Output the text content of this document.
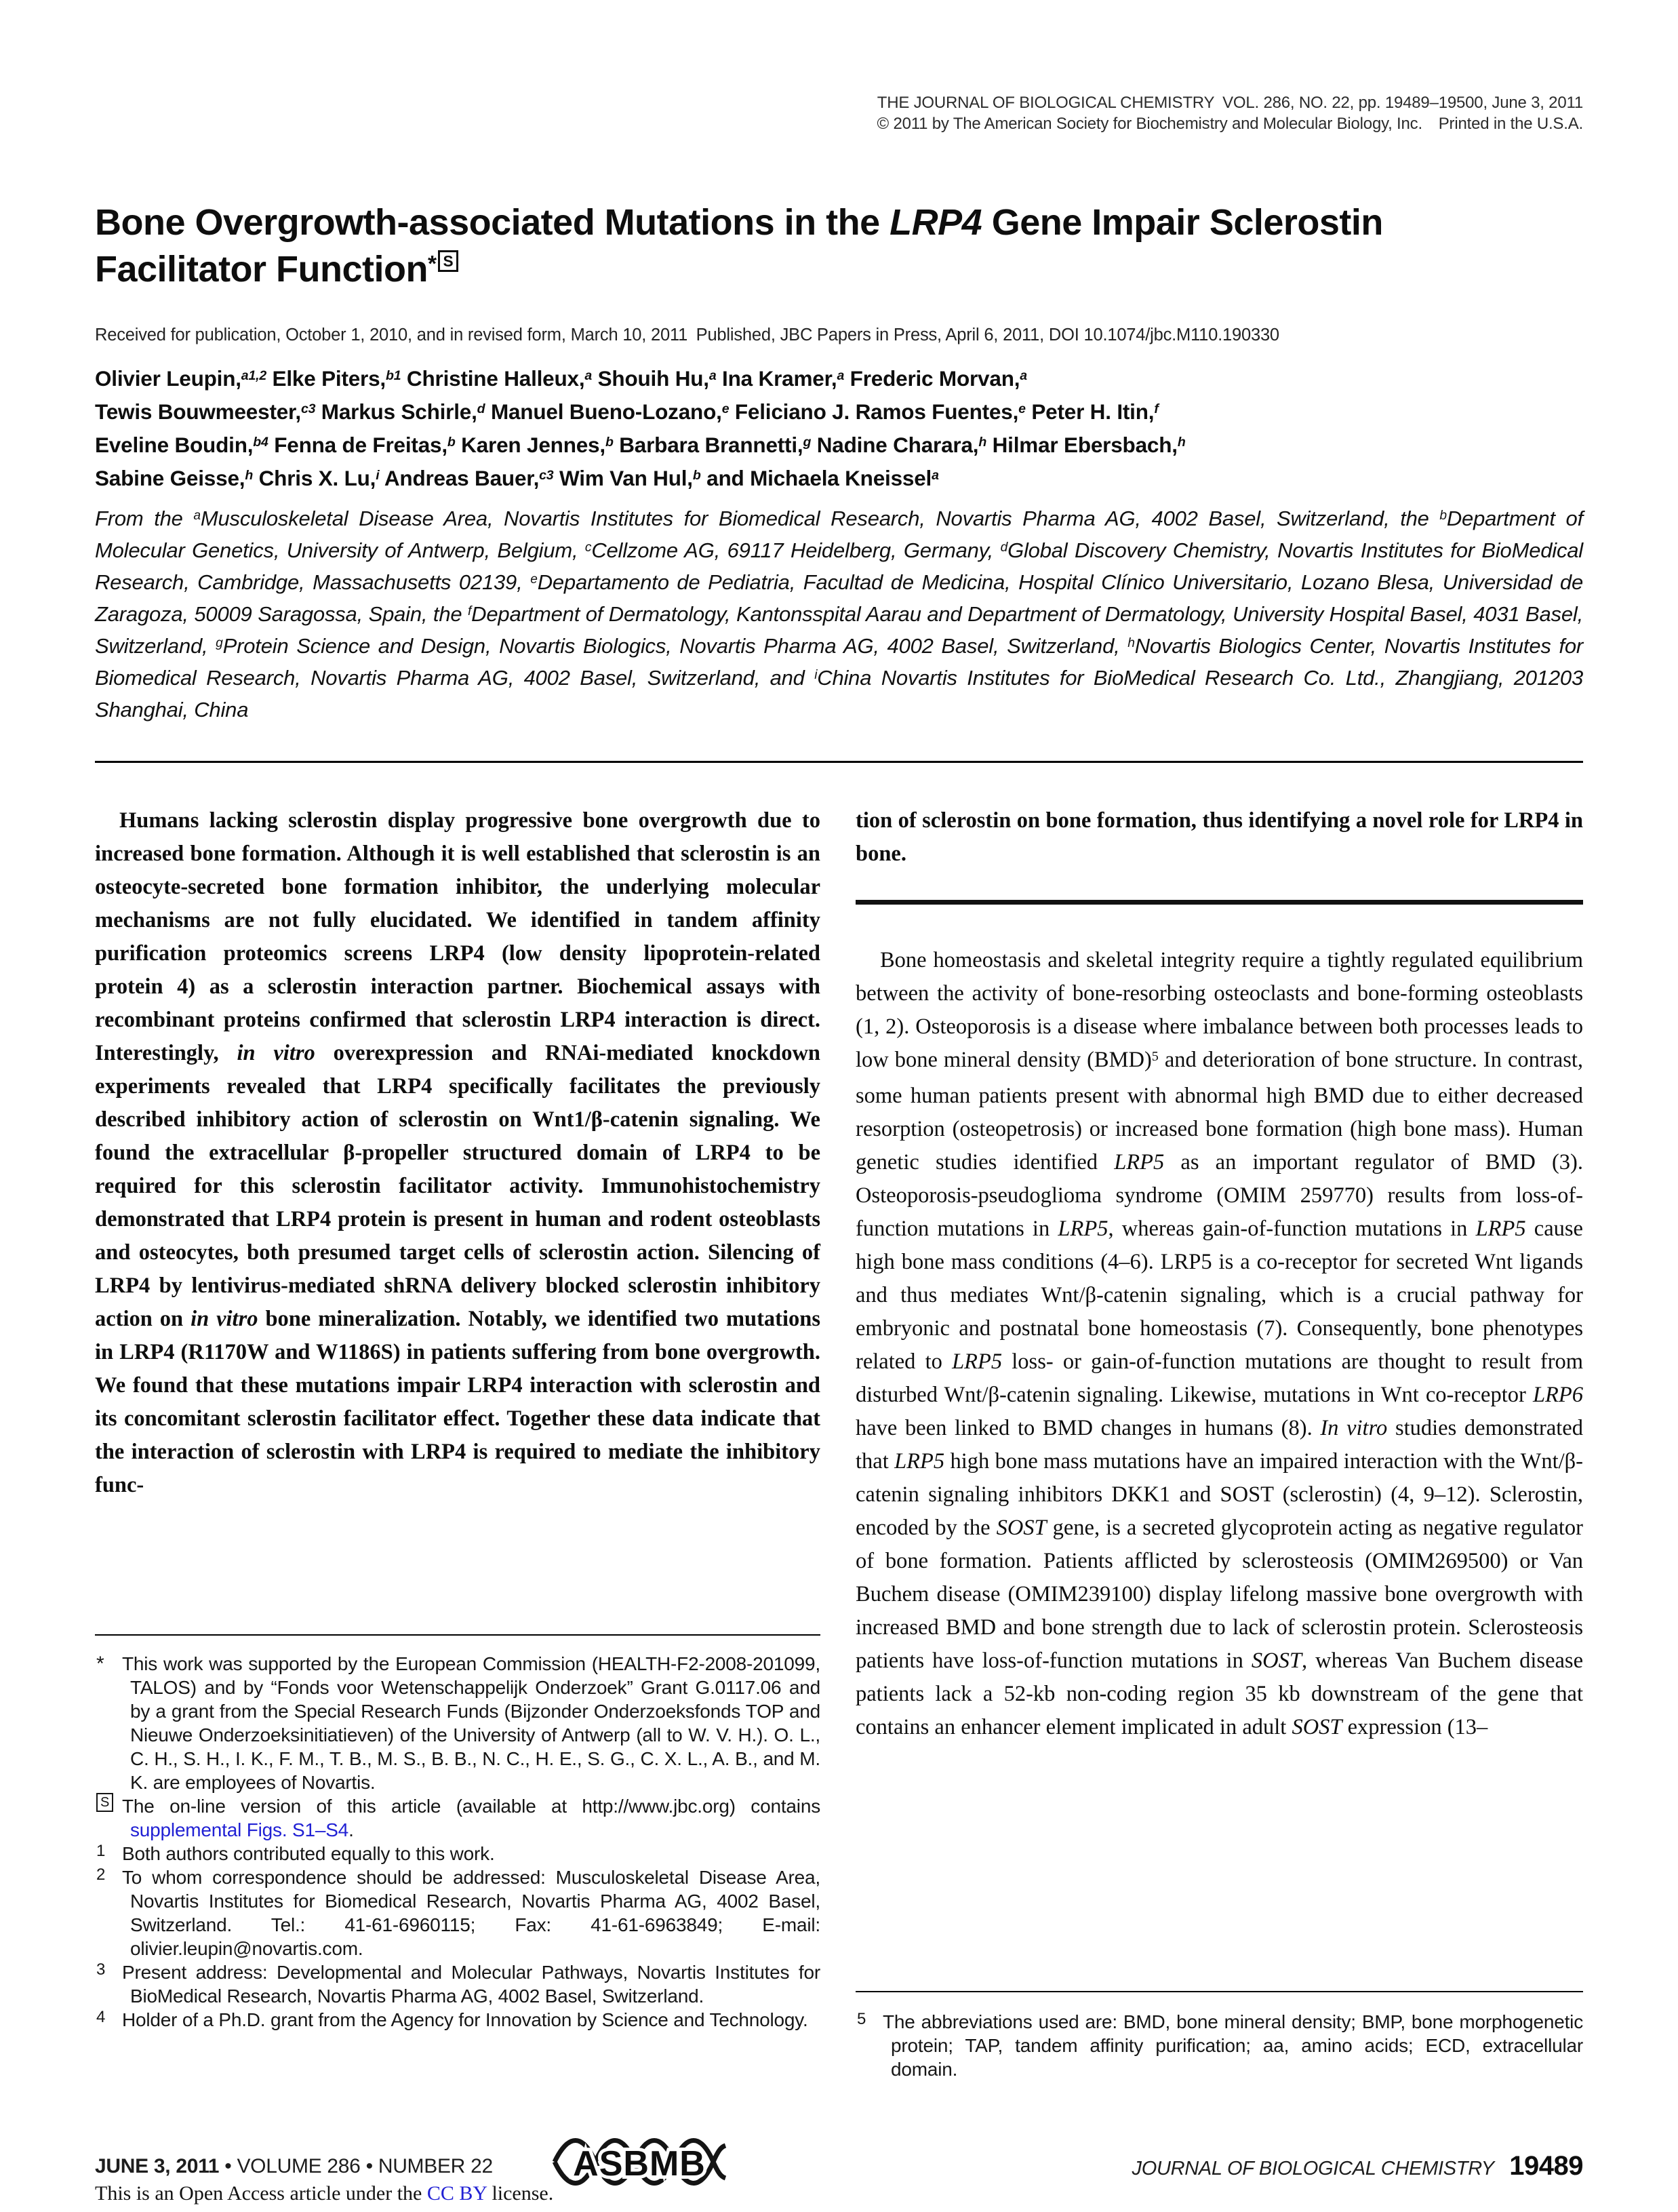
THE JOURNAL OF BIOLOGICAL CHEMISTRY VOL. 286, NO. 22, pp. 19489–19500, June 3, 2011
© 2011 by The American Society for Biochemistry and Molecular Biology, Inc. Printed in the U.S.A.
Bone Overgrowth-associated Mutations in the LRP4 Gene Impair Sclerostin Facilitator Function* $^S$
Received for publication, October 1, 2010, and in revised form, March 10, 2011 Published, JBC Papers in Press, April 6, 2011, DOI 10.1074/jbc.M110.190330
Olivier Leupin,$^{a1,2}$ Elke Piters,$^{b1}$ Christine Halleux,$^a$ Shouih Hu,$^a$ Ina Kramer,$^a$ Frederic Morvan,$^a$
Tewis Bouwmeester,$^{c3}$ Markus Schirle,$^d$ Manuel Bueno-Lozano,$^e$ Feliciano J. Ramos Fuentes,$^e$ Peter H. Itin,$^f$
Eveline Boudin,$^{b4}$ Fenna de Freitas,$^b$ Karen Jennes,$^b$ Barbara Brannetti,$^g$ Nadine Charara,$^h$ Hilmar Ebersbach,$^h$
Sabine Geisse,$^h$ Chris X. Lu,$^i$ Andreas Bauer,$^{c3}$ Wim Van Hul,$^b$ and Michaela Kneissel$^a$
From the $^a$Musculoskeletal Disease Area, Novartis Institutes for Biomedical Research, Novartis Pharma AG, 4002 Basel, Switzerland, the $^b$Department of Molecular Genetics, University of Antwerp, Belgium, $^c$Cellzome AG, 69117 Heidelberg, Germany, $^d$Global Discovery Chemistry, Novartis Institutes for BioMedical Research, Cambridge, Massachusetts 02139, $^e$Departamento de Pediatria, Facultad de Medicina, Hospital Clínico Universitario, Lozano Blesa, Universidad de Zaragoza, 50009 Saragossa, Spain, the $^f$Department of Dermatology, Kantonsspital Aarau and Department of Dermatology, University Hospital Basel, 4031 Basel, Switzerland, $^g$Protein Science and Design, Novartis Biologics, Novartis Pharma AG, 4002 Basel, Switzerland, $^h$Novartis Biologics Center, Novartis Institutes for Biomedical Research, Novartis Pharma AG, 4002 Basel, Switzerland, and $^i$China Novartis Institutes for BioMedical Research Co. Ltd., Zhangjiang, 201203 Shanghai, China

Humans lacking sclerostin display progressive bone overgrowth due to increased bone formation. Although it is well established that sclerostin is an osteocyte-secreted bone formation inhibitor, the underlying molecular mechanisms are not fully elucidated. We identified in tandem affinity purification proteomics screens LRP4 (low density lipoprotein-related protein 4) as a sclerostin interaction partner. Biochemical assays with recombinant proteins confirmed that sclerostin LRP4 interaction is direct. Interestingly, in vitro overexpression and RNAi-mediated knockdown experiments revealed that LRP4 specifically facilitates the previously described inhibitory action of sclerostin on Wnt1/β-catenin signaling. We found the extracellular β-propeller structured domain of LRP4 to be required for this sclerostin facilitator activity. Immunohistochemistry demonstrated that LRP4 protein is present in human and rodent osteoblasts and osteocytes, both presumed target cells of sclerostin action. Silencing of LRP4 by lentivirus-mediated shRNA delivery blocked sclerostin inhibitory action on in vitro bone mineralization. Notably, we identified two mutations in LRP4 (R1170W and W1186S) in patients suffering from bone overgrowth. We found that these mutations impair LRP4 interaction with sclerostin and its concomitant sclerostin facilitator effect. Together these data indicate that the interaction of sclerostin with LRP4 is required to mediate the inhibitory func-

tion of sclerostin on bone formation, thus identifying a novel role for LRP4 in bone.

Bone homeostasis and skeletal integrity require a tightly regulated equilibrium between the activity of bone-resorbing osteoclasts and bone-forming osteoblasts (1, 2). Osteoporosis is a disease where imbalance between both processes leads to low bone mineral density (BMD)$^5$ and deterioration of bone structure. In contrast, some human patients present with abnormal high BMD due to either decreased resorption (osteopetrosis) or increased bone formation (high bone mass). Human genetic studies identified LRP5 as an important regulator of BMD (3). Osteoporosis-pseudoglioma syndrome (OMIM 259770) results from loss-of-function mutations in LRP5, whereas gain-of-function mutations in LRP5 cause high bone mass conditions (4–6). LRP5 is a co-receptor for secreted Wnt ligands and thus mediates Wnt/β-catenin signaling, which is a crucial pathway for embryonic and postnatal bone homeostasis (7). Consequently, bone phenotypes related to LRP5 loss- or gain-of-function mutations are thought to result from disturbed Wnt/β-catenin signaling. Likewise, mutations in Wnt co-receptor LRP6 have been linked to BMD changes in humans (8). In vitro studies demonstrated that LRP5 high bone mass mutations have an impaired interaction with the Wnt/β-catenin signaling inhibitors DKK1 and SOST (sclerostin) (4, 9–12). Sclerostin, encoded by the SOST gene, is a secreted glycoprotein acting as negative regulator of bone formation. Patients afflicted by sclerosteosis (OMIM269500) or Van Buchem disease (OMIM239100) display lifelong massive bone overgrowth with increased BMD and bone strength due to lack of sclerostin protein. Sclerosteosis patients have loss-of-function mutations in SOST, whereas Van Buchem disease patients lack a 52-kb non-coding region 35 kb downstream of the gene that contains an enhancer element implicated in adult SOST expression (13–

* This work was supported by the European Commission (HEALTH-F2-2008-201099, TALOS) and by “Fonds voor Wetenschappelijk Onderzoek” Grant G.0117.06 and by a grant from the Special Research Funds (Bijzonder Onderzoeksfonds TOP and Nieuwe Onderzoeksinitiatieven) of the University of Antwerp (all to W. V. H.). O. L., C. H., S. H., I. K., F. M., T. B., M. S., B. B., N. C., H. E., S. G., C. X. L., A. B., and M. K. are employees of Novartis.
S The on-line version of this article (available at http://www.jbc.org) contains supplemental Figs. S1–S4.
1 Both authors contributed equally to this work.
2 To whom correspondence should be addressed: Musculoskeletal Disease Area, Novartis Institutes for Biomedical Research, Novartis Pharma AG, 4002 Basel, Switzerland. Tel.: 41-61-6960115; Fax: 41-61-6963849; E-mail: olivier.leupin@novartis.com.
3 Present address: Developmental and Molecular Pathways, Novartis Institutes for BioMedical Research, Novartis Pharma AG, 4002 Basel, Switzerland.
4 Holder of a Ph.D. grant from the Agency for Innovation by Science and Technology.	5 The abbreviations used are: BMD, bone mineral density; BMP, bone morphogenetic protein; TAP, tandem affinity purification; aa, amino acids; ECD, extracellular domain.
JUNE 3, 2011 • VOLUME 286 • NUMBER 22	ASBMB	JOURNAL OF BIOLOGICAL CHEMISTRY 19489
This is an Open Access article under the CC BY license.
